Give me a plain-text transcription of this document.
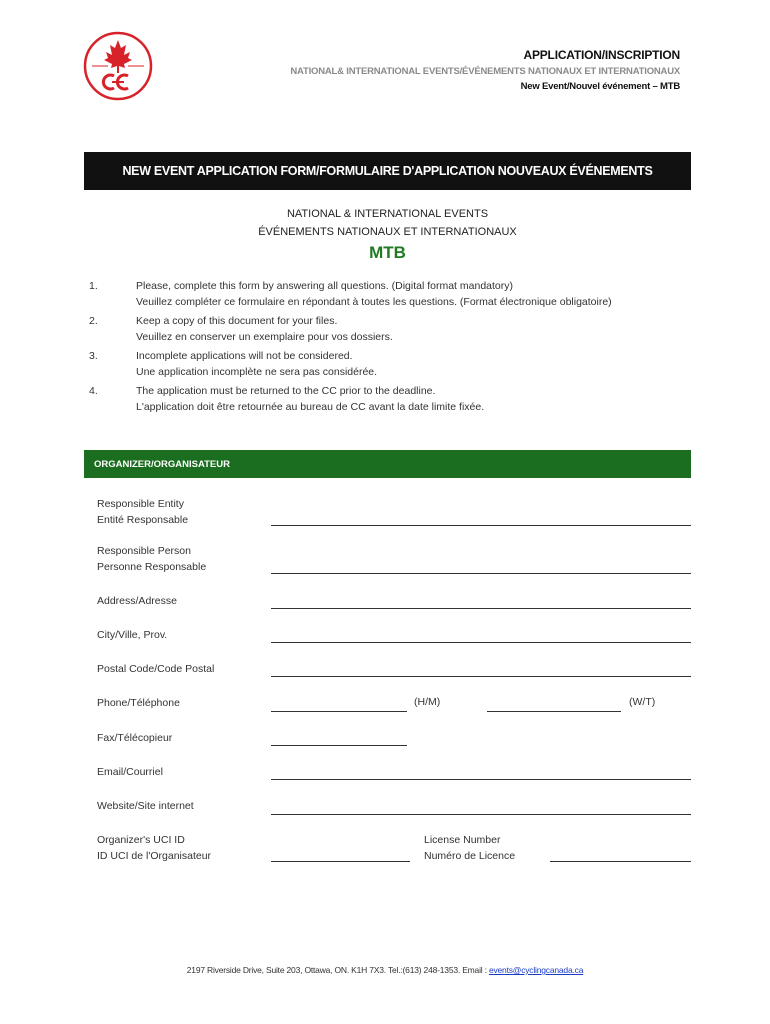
APPLICATION/INSCRIPTION
NATIONAL& INTERNATIONAL EVENTS/ÉVÉNEMENTS NATIONAUX ET INTERNATIONAUX
New Event/Nouvel événement – MTB
NEW EVENT APPLICATION FORM/FORMULAIRE D'APPLICATION NOUVEAUX ÉVÉNEMENTS
NATIONAL & INTERNATIONAL EVENTS
ÉVÉNEMENTS NATIONAUX ET INTERNATIONAUX
MTB
1.	Please, complete this form by answering all questions. (Digital format mandatory)
Veuillez compléter ce formulaire en répondant à toutes les questions. (Format électronique obligatoire)
2.	Keep a copy of this document for your files.
Veuillez en conserver un exemplaire pour vos dossiers.
3.	Incomplete applications will not be considered.
Une application incomplète ne sera pas considérée.
4.	The application must be returned to the CC prior to the deadline.
L'application doit être retournée au bureau de CC avant la date limite fixée.
ORGANIZER/ORGANISATEUR
Responsible Entity
Entité Responsable
Responsible Person
Personne Responsable
Address/Adresse
City/Ville, Prov.
Postal Code/Code Postal
Phone/Téléphone	(H/M)	(W/T)
Fax/Télécopieur
Email/Courriel
Website/Site internet
Organizer's UCI ID
ID UCI de l'Organisateur
License Number
Numéro de Licence
2197 Riverside Drive, Suite 203, Ottawa, ON. K1H 7X3. Tel.:(613) 248-1353. Email : events@cyclingcanada.ca
